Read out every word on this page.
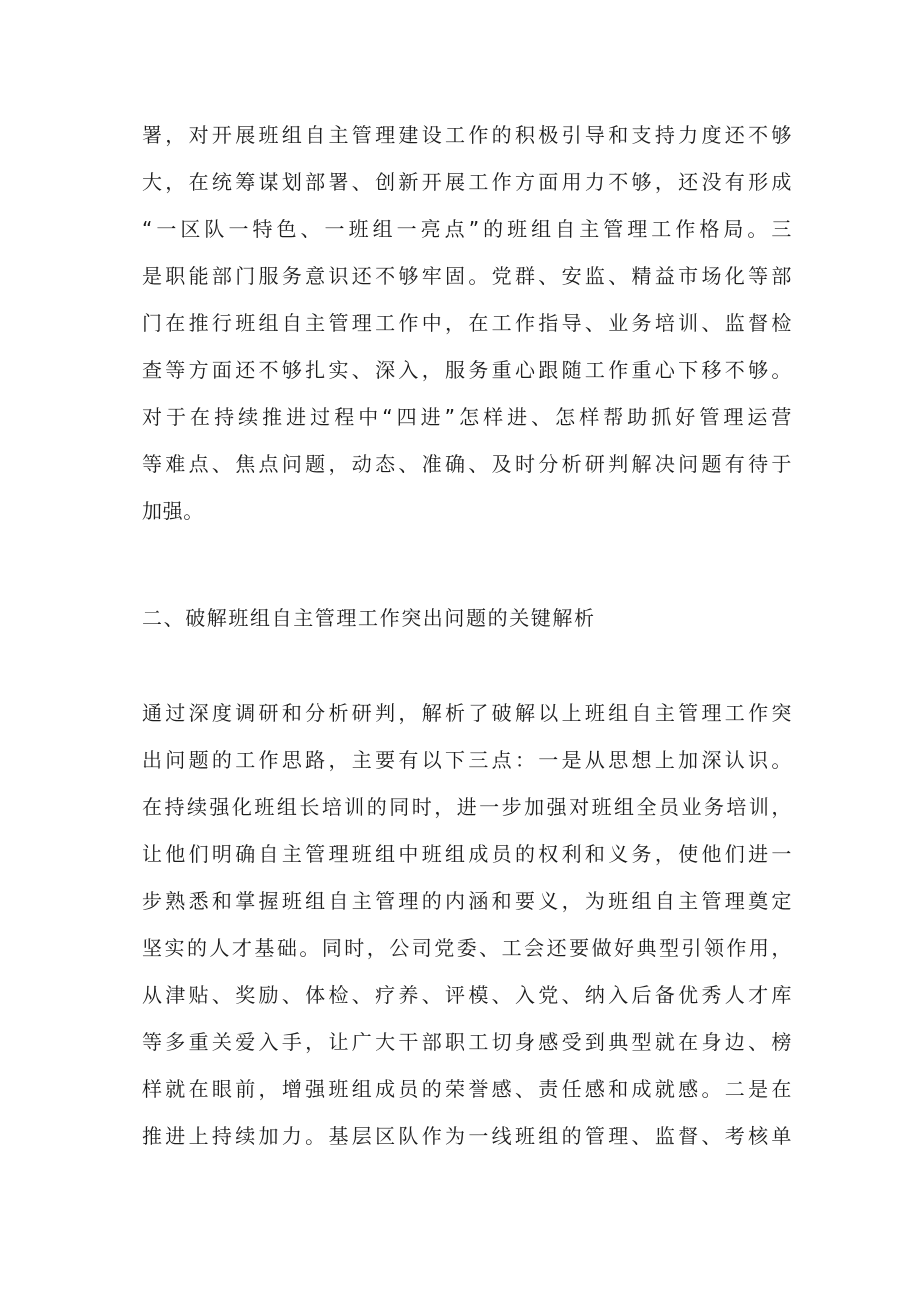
署，对开展班组自主管理建设工作的积极引导和支持力度还不够
大，在统筹谋划部署、创新开展工作方面用力不够，还没有形成
“一区队一特色、一班组一亮点”的班组自主管理工作格局。三
是职能部门服务意识还不够牢固。党群、安监、精益市场化等部
门在推行班组自主管理工作中，在工作指导、业务培训、监督检
查等方面还不够扎实、深入，服务重心跟随工作重心下移不够。
对于在持续推进过程中“四进”怎样进、怎样帮助抓好管理运营
等难点、焦点问题，动态、准确、及时分析研判解决问题有待于
加强。
二、破解班组自主管理工作突出问题的关键解析
通过深度调研和分析研判，解析了破解以上班组自主管理工作突
出问题的工作思路，主要有以下三点：一是从思想上加深认识。
在持续强化班组长培训的同时，进一步加强对班组全员业务培训，
让他们明确自主管理班组中班组成员的权利和义务，使他们进一
步熟悉和掌握班组自主管理的内涵和要义，为班组自主管理奠定
坚实的人才基础。同时，公司党委、工会还要做好典型引领作用，
从津贴、奖励、体检、疗养、评模、入党、纳入后备优秀人才库
等多重关爱入手，让广大干部职工切身感受到典型就在身边、榜
样就在眼前，增强班组成员的荣誉感、责任感和成就感。二是在
推进上持续加力。基层区队作为一线班组的管理、监督、考核单
